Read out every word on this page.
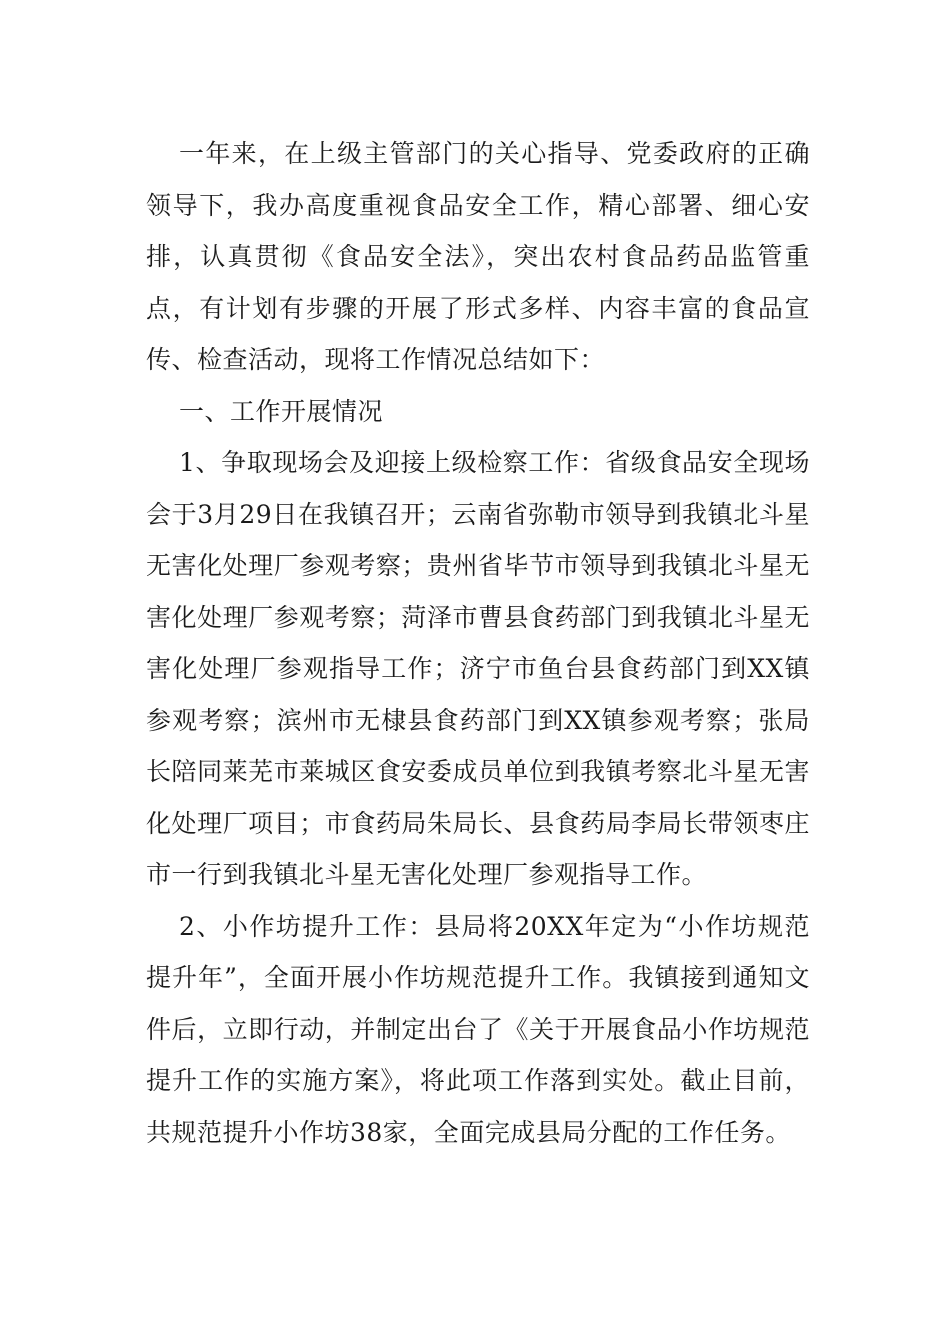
一年来，在上级主管部门的关心指导、党委政府的正确领导下，我办高度重视食品安全工作，精心部署、细心安排，认真贯彻《食品安全法》，突出农村食品药品监管重点，有计划有步骤的开展了形式多样、内容丰富的食品宣传、检查活动，现将工作情况总结如下：

一、工作开展情况

1、争取现场会及迎接上级检察工作：省级食品安全现场会于3月29日在我镇召开；云南省弥勒市领导到我镇北斗星无害化处理厂参观考察；贵州省毕节市领导到我镇北斗星无害化处理厂参观考察；菏泽市曹县食药部门到我镇北斗星无害化处理厂参观指导工作；济宁市鱼台县食药部门到XX镇参观考察；滨州市无棣县食药部门到XX镇参观考察；张局长陪同莱芜市莱城区食安委成员单位到我镇考察北斗星无害化处理厂项目；市食药局朱局长、县食药局李局长带领枣庄市一行到我镇北斗星无害化处理厂参观指导工作。

2、小作坊提升工作：县局将20XX年定为“小作坊规范提升年”，全面开展小作坊规范提升工作。我镇接到通知文件后，立即行动，并制定出台了《关于开展食品小作坊规范提升工作的实施方案》，将此项工作落到实处。截止目前，共规范提升小作坊38家，全面完成县局分配的工作任务。
